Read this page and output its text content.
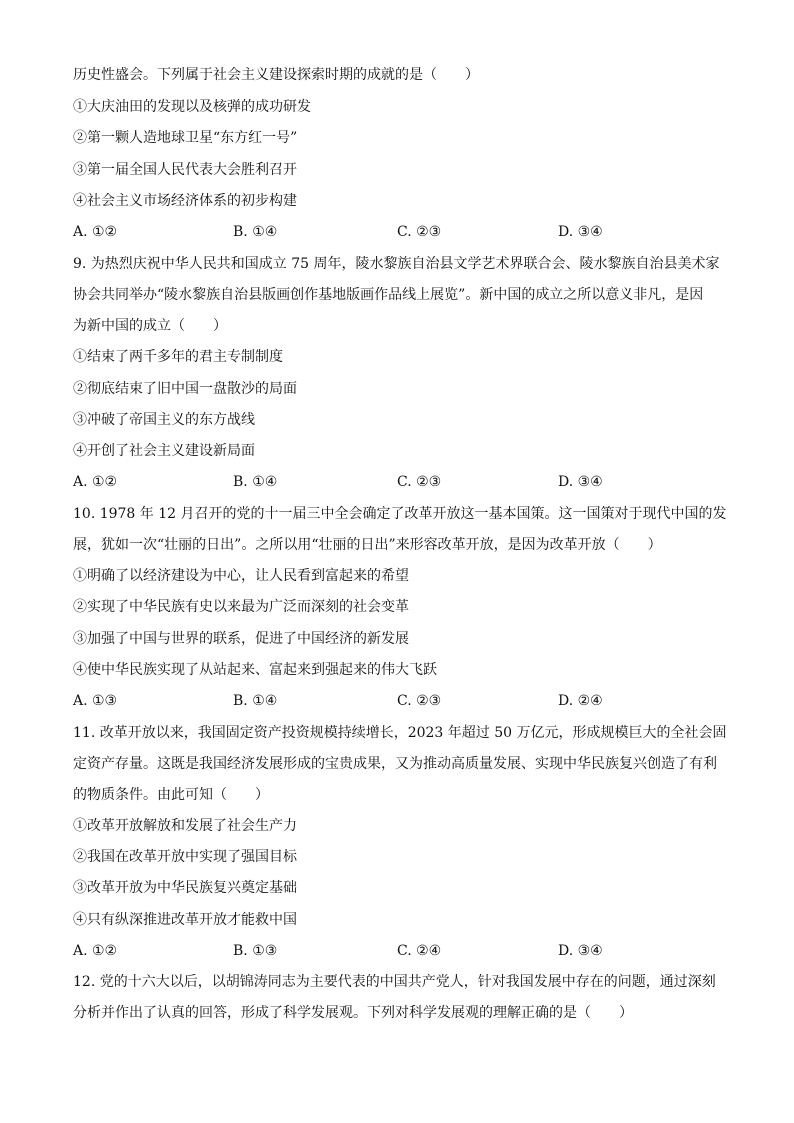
历史性盛会。下列属于社会主义建设探索时期的成就的是（　　）
①大庆油田的发现以及核弹的成功研发
②第一颗人造地球卫星“东方红一号”
③第一届全国人民代表大会胜利召开
④社会主义市场经济体系的初步构建
A. ①②	B. ①④	C. ②③	D. ③④
9. 为热烈庆祝中华人民共和国成立 75 周年，陵水黎族自治县文学艺术界联合会、陵水黎族自治县美术家
协会共同举办“陵水黎族自治县版画创作基地版画作品线上展览”。新中国的成立之所以意义非凡，是因
为新中国的成立（　　）
①结束了两千多年的君主专制制度
②彻底结束了旧中国一盘散沙的局面
③冲破了帝国主义的东方战线
④开创了社会主义建设新局面
A. ①②	B. ①④	C. ②③	D. ③④
10. 1978 年 12 月召开的党的十一届三中全会确定了改革开放这一基本国策。这一国策对于现代中国的发
展，犹如一次“壮丽的日出”。之所以用“壮丽的日出”来形容改革开放，是因为改革开放（　　）
①明确了以经济建设为中心，让人民看到富起来的希望
②实现了中华民族有史以来最为广泛而深刻的社会变革
③加强了中国与世界的联系，促进了中国经济的新发展
④使中华民族实现了从站起来、富起来到强起来的伟大飞跃
A. ①③	B. ①④	C. ②③	D. ②④
11. 改革开放以来，我国固定资产投资规模持续增长，2023 年超过 50 万亿元，形成规模巨大的全社会固
定资产存量。这既是我国经济发展形成的宝贵成果，又为推动高质量发展、实现中华民族复兴创造了有利
的物质条件。由此可知（　　）
①改革开放解放和发展了社会生产力
②我国在改革开放中实现了强国目标
③改革开放为中华民族复兴奠定基础
④只有纵深推进改革开放才能救中国
A. ①②	B. ①③	C. ②④	D. ③④
12. 党的十六大以后，以胡锦涛同志为主要代表的中国共产党人，针对我国发展中存在的问题，通过深刻
分析并作出了认真的回答，形成了科学发展观。下列对科学发展观的理解正确的是（　　）
